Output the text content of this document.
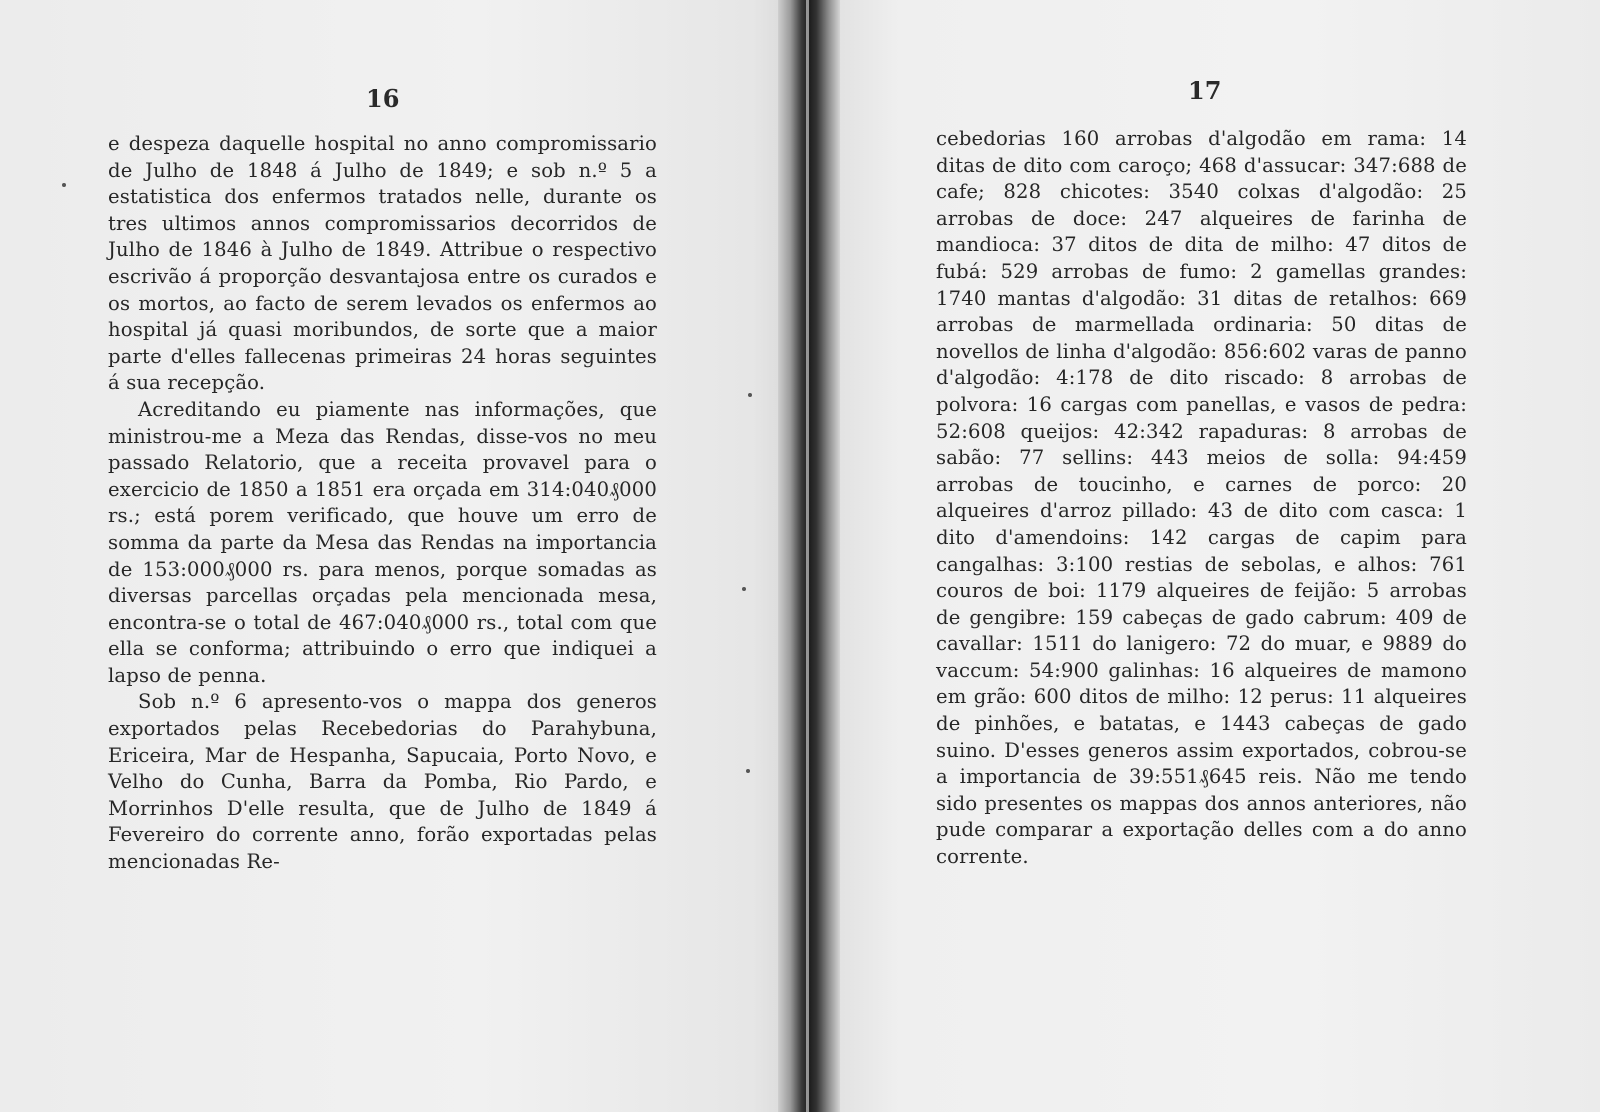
16

e despeza daquelle hospital no anno compromissario de Julho de 1848 á Julho de 1849; e sob n.º 5 a estatistica dos enfermos tratados nelle, durante os tres ultimos annos compromissarios decorridos de Julho de 1846 à Julho de 1849. Attribue o respectivo escrivão á proporção desvantajosa entre os curados e os mortos, ao facto de serem levados os enfermos ao hospital já quasi moribundos, de sorte que a maior parte d'elles fallecenas primeiras 24 horas seguintes á sua recepção.

Acreditando eu piamente nas informações, que ministrou-me a Meza das Rendas, disse-vos no meu passado Relatorio, que a receita provavel para o exercicio de 1850 a 1851 era orçada em 314:040₰000 rs.; está porem verificado, que houve um erro de somma da parte da Mesa das Rendas na importancia de 153:000₰000 rs. para menos, porque somadas as diversas parcellas orçadas pela mencionada mesa, encontra-se o total de 467:040₰000 rs., total com que ella se conforma; attribuindo o erro que indiquei a lapso de penna.

Sob n.º 6 apresento-vos o mappa dos generos exportados pelas Recebedorias do Parahybuna, Ericeira, Mar de Hespanha, Sapucaia, Porto Novo, e Velho do Cunha, Barra da Pomba, Rio Pardo, e Morrinhos D'elle resulta, que de Julho de 1849 á Fevereiro do corrente anno, forão exportadas pelas mencionadas Re-

17

cebedorias 160 arrobas d'algodão em rama: 14 ditas de dito com caroço; 468 d'assucar: 347:688 de cafe; 828 chicotes: 3540 colxas d'algodão: 25 arrobas de doce: 247 alqueires de farinha de mandioca: 37 ditos de dita de milho: 47 ditos de fubá: 529 arrobas de fumo: 2 gamellas grandes: 1740 mantas d'algodão: 31 ditas de retalhos: 669 arrobas de marmellada ordinaria: 50 ditas de novellos de linha d'algodão: 856:602 varas de panno d'algodão: 4:178 de dito riscado: 8 arrobas de polvora: 16 cargas com panellas, e vasos de pedra: 52:608 queijos: 42:342 rapaduras: 8 arrobas de sabão: 77 sellins: 443 meios de solla: 94:459 arrobas de toucinho, e carnes de porco: 20 alqueires d'arroz pillado: 43 de dito com casca: 1 dito d'amendoins: 142 cargas de capim para cangalhas: 3:100 restias de sebolas, e alhos: 761 couros de boi: 1179 alqueires de feijão: 5 arrobas de gengibre: 159 cabeças de gado cabrum: 409 de cavallar: 1511 do lanigero: 72 do muar, e 9889 do vaccum: 54:900 galinhas: 16 alqueires de mamono em grão: 600 ditos de milho: 12 perus: 11 alqueires de pinhões, e batatas, e 1443 cabeças de gado suino. D'esses generos assim exportados, cobrou-se a importancia de 39:551₰645 reis. Não me tendo sido presentes os mappas dos annos anteriores, não pude comparar a exportação delles com a do anno corrente.
